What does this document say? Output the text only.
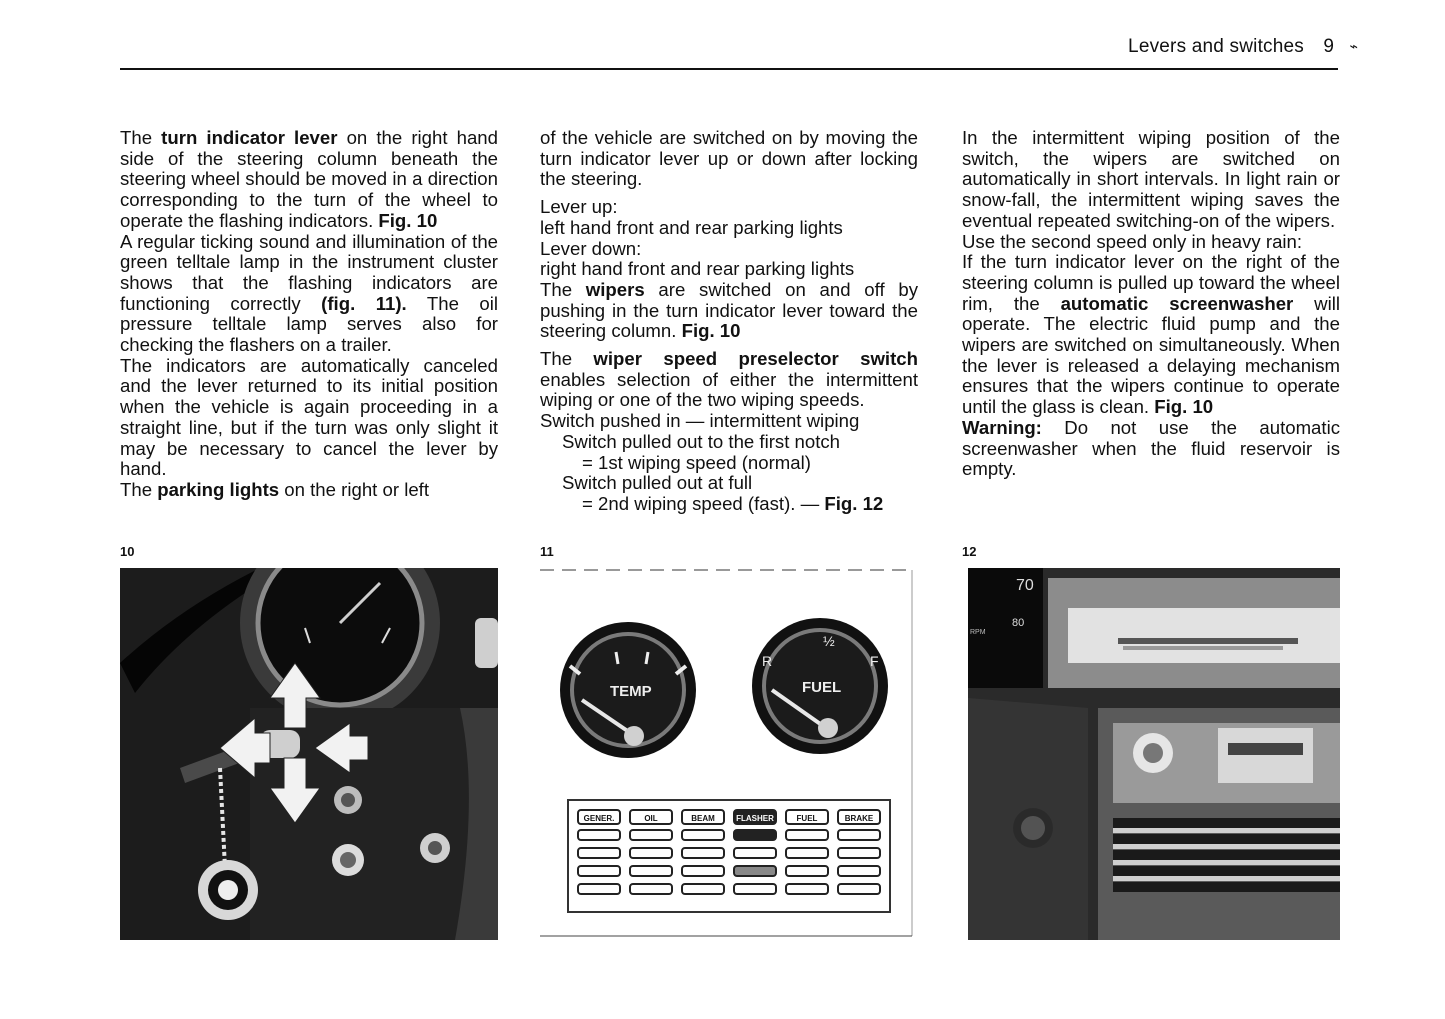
Levers and switches 9 ⌁

The turn indicator lever on the right hand side of the steering column beneath the steering wheel should be moved in a direction corresponding to the turn of the wheel to operate the flashing indicators. Fig. 10

A regular ticking sound and illumination of the green telltale lamp in the instrument cluster shows that the flashing indicators are functioning correctly (fig. 11). The oil pressure telltale lamp serves also for checking the flashers on a trailer.

The indicators are automatically canceled and the lever returned to its initial position when the vehicle is again proceeding in a straight line, but if the turn was only slight it may be necessary to cancel the lever by hand.

The parking lights on the right or left

10

of the vehicle are switched on by moving the turn indicator lever up or down after locking the steering.

Lever up:

left hand front and rear parking lights

Lever down:

right hand front and rear parking lights

The wipers are switched on and off by pushing in the turn indicator lever toward the steering column. Fig. 10

The wiper speed preselector switch enables selection of either the intermittent wiping or one of the two wiping speeds.

Switch pushed in — intermittent wiping

Switch pulled out to the first notch

= 1st wiping speed (normal)

Switch pulled out at full

= 2nd wiping speed (fast). — Fig. 12

11

In the intermittent wiping position of the switch, the wipers are switched on automatically in short intervals. In light rain or snow-fall, the intermittent wiping saves the eventual repeated switching-on of the wipers.

Use the second speed only in heavy rain:

If the turn indicator lever on the right of the steering column is pulled up toward the wheel rim, the automatic screenwasher will operate. The electric fluid pump and the wipers are switched on simultaneously. When the lever is released a delaying mechanism ensures that the wipers continue to operate until the glass is clean. Fig. 10

Warning: Do not use the automatic screenwasher when the fluid reservoir is empty.

12
TEMP
R
½
F
FUEL
GENER.	OIL	BEAM	FLASHER	FUEL	BRAKE
70
80
RPM
